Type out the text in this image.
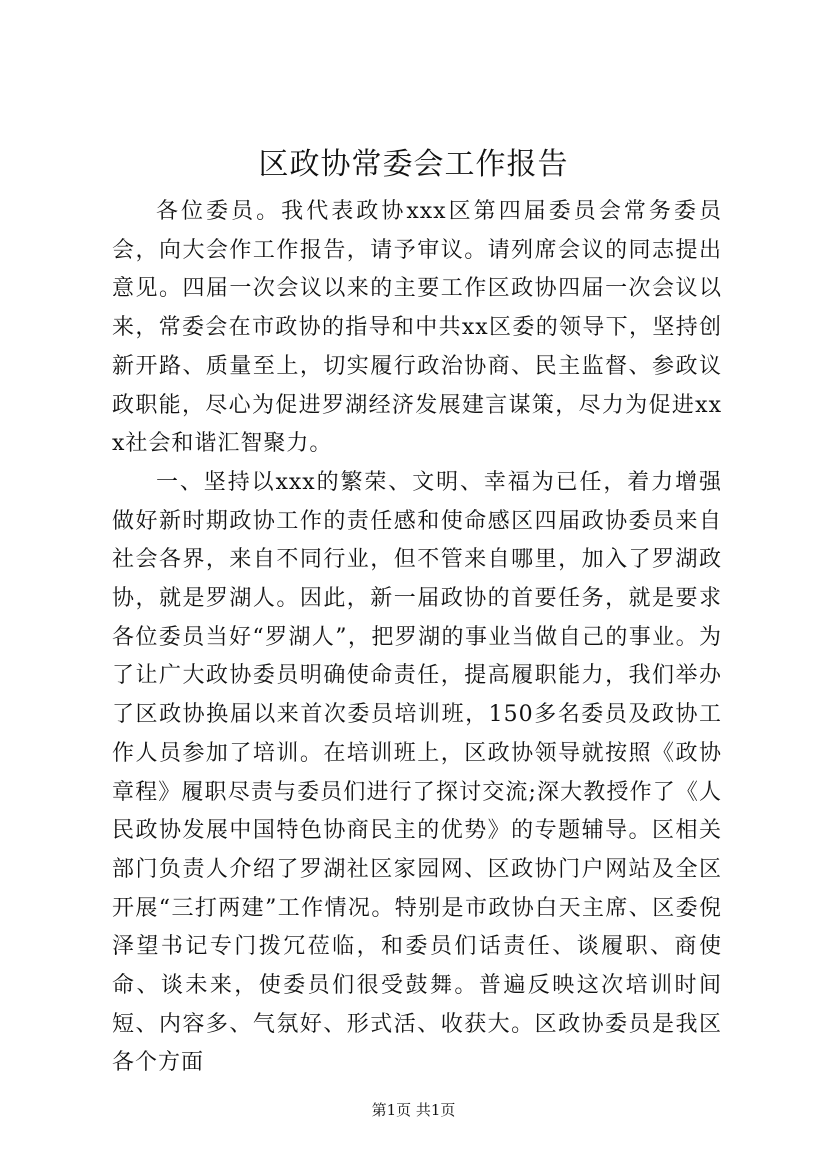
区政协常委会工作报告

各位委员。我代表政协xxx区第四届委员会常务委员会，向大会作工作报告，请予审议。请列席会议的同志提出意见。四届一次会议以来的主要工作区政协四届一次会议以来，常委会在市政协的指导和中共xx区委的领导下，坚持创新开路、质量至上，切实履行政治协商、民主监督、参政议政职能，尽心为促进罗湖经济发展建言谋策，尽力为促进xxx社会和谐汇智聚力。

一、坚持以xxx的繁荣、文明、幸福为已任，着力增强做好新时期政协工作的责任感和使命感区四届政协委员来自社会各界，来自不同行业，但不管来自哪里，加入了罗湖政协，就是罗湖人。因此，新一届政协的首要任务，就是要求各位委员当好“罗湖人”，把罗湖的事业当做自己的事业。为了让广大政协委员明确使命责任，提高履职能力，我们举办了区政协换届以来首次委员培训班，150多名委员及政协工作人员参加了培训。在培训班上，区政协领导就按照《政协章程》履职尽责与委员们进行了探讨交流;深大教授作了《人民政协发展中国特色协商民主的优势》的专题辅导。区相关部门负责人介绍了罗湖社区家园网、区政协门户网站及全区开展“三打两建”工作情况。特别是市政协白天主席、区委倪泽望书记专门拨冗莅临，和委员们话责任、谈履职、商使命、谈未来，使委员们很受鼓舞。普遍反映这次培训时间短、内容多、气氛好、形式活、收获大。区政协委员是我区各个方面

第1页 共1页
